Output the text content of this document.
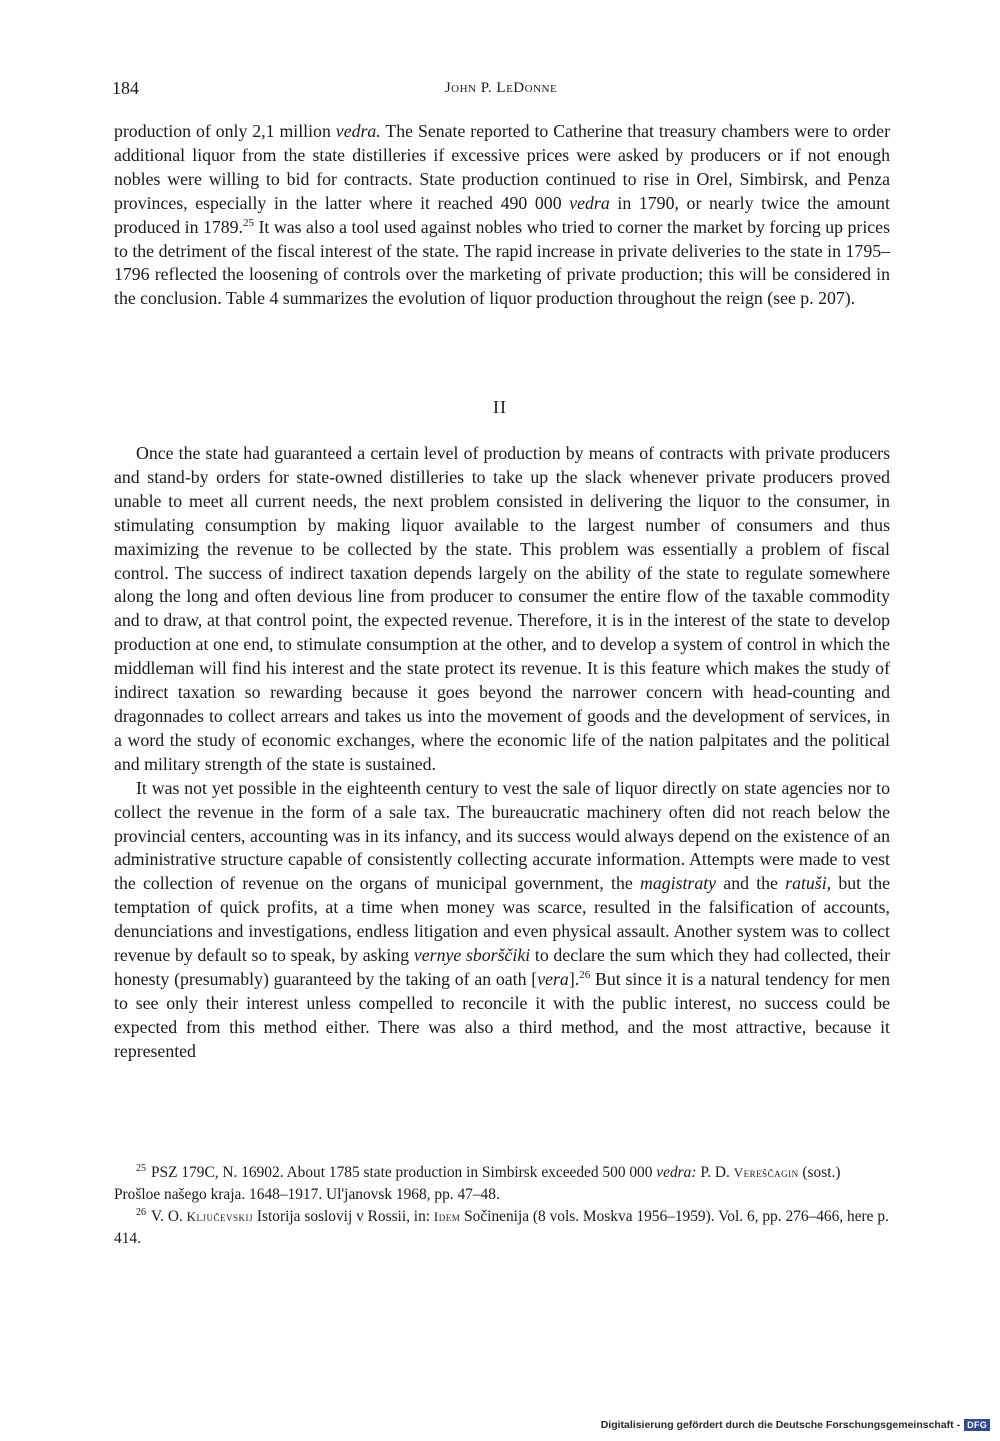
184	John P. LeDonne

production of only 2,1 million vedra. The Senate reported to Catherine that treasury chambers were to order additional liquor from the state distilleries if excessive prices were asked by producers or if not enough nobles were willing to bid for contracts. State production continued to rise in Orel, Simbirsk, and Penza provinces, especially in the latter where it reached 490 000 vedra in 1790, or nearly twice the amount produced in 1789.25 It was also a tool used against nobles who tried to corner the market by forcing up prices to the detriment of the fiscal interest of the state. The rapid increase in private deliveries to the state in 1795–1796 reflected the loosening of controls over the marketing of private production; this will be considered in the conclusion. Table 4 summarizes the evolution of liquor production throughout the reign (see p. 207).

II

Once the state had guaranteed a certain level of production by means of contracts with private producers and stand-by orders for state-owned distilleries to take up the slack whenever private producers proved unable to meet all current needs, the next problem consisted in delivering the liquor to the consumer, in stimulating consumption by making liquor available to the largest number of consumers and thus maximizing the revenue to be collected by the state. This problem was essentially a problem of fiscal control. The success of indirect taxation depends largely on the ability of the state to regulate somewhere along the long and often devious line from producer to consumer the entire flow of the taxable commodity and to draw, at that control point, the expected revenue. Therefore, it is in the interest of the state to develop production at one end, to stimulate consumption at the other, and to develop a system of control in which the middleman will find his interest and the state protect its revenue. It is this feature which makes the study of indirect taxation so rewarding because it goes beyond the narrower concern with head-counting and dragonnades to collect arrears and takes us into the movement of goods and the development of services, in a word the study of economic exchanges, where the economic life of the nation palpitates and the political and military strength of the state is sustained.

It was not yet possible in the eighteenth century to vest the sale of liquor directly on state agencies nor to collect the revenue in the form of a sale tax. The bureaucratic machinery often did not reach below the provincial centers, accounting was in its infancy, and its success would always depend on the existence of an administrative structure capable of consistently collecting accurate information. Attempts were made to vest the collection of revenue on the organs of municipal government, the magistraty and the ratuši, but the temptation of quick profits, at a time when money was scarce, resulted in the falsification of accounts, denunciations and investigations, endless litigation and even physical assault. Another system was to collect revenue by default so to speak, by asking vernye sborščiki to declare the sum which they had collected, their honesty (presumably) guaranteed by the taking of an oath [vera].$^{26}$ But since it is a natural tendency for men to see only their interest unless compelled to reconcile it with the public interest, no success could be expected from this method either. There was also a third method, and the most attractive, because it represented

$^{25}$ PSZ 179C, N. 16902. About 1785 state production in Simbirsk exceeded 500 000 vedra: P. D. Vereščagin (sost.) Prošloe našego kraja. 1648–1917. Ul'janovsk 1968, pp. 47–48.

$^{26}$ V. O. Ključevskij Istorija soslovij v Rossii, in: Idem Sočinenija (8 vols. Moskva 1956–1959). Vol. 6, pp. 276–466, here p. 414.

Digitalisierung gefördert durch die Deutsche Forschungsgemeinschaft - DFG
